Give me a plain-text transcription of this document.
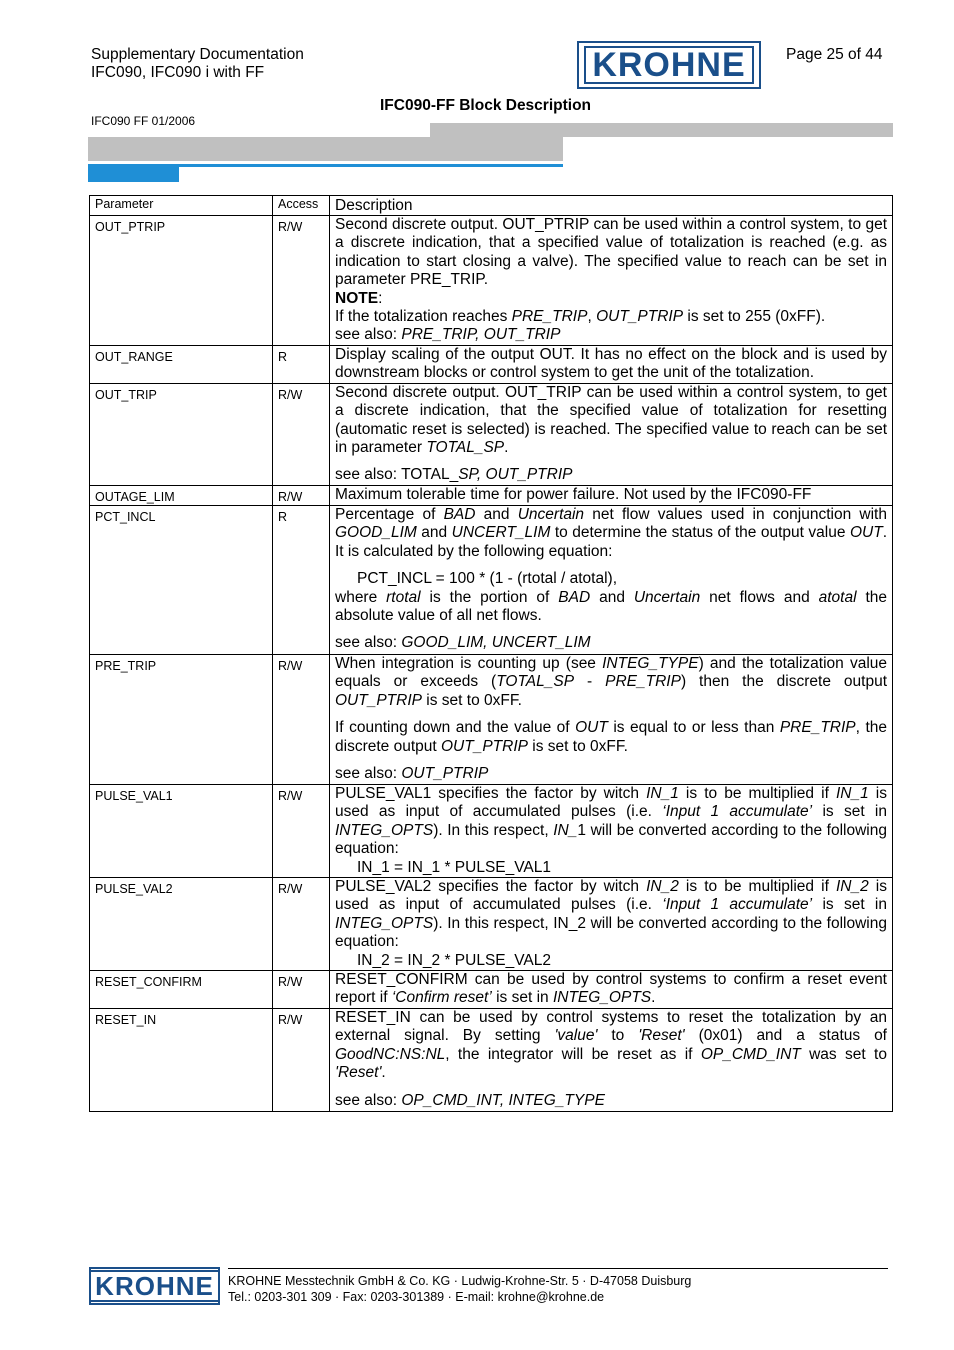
Supplementary Documentation
IFC090, IFC090 i with FF
IFC090 FF 01/2006
KROHNE	Page 25 of 44
IFC090-FF Block Description
Parameter	Access	Description
OUT_PTRIP	R/W	Second discrete output. OUT_PTRIP can be used within a control system, to get a discrete indication, that a specified value of totalization is reached (e.g. as indication to start closing a valve). The specified value to reach can be set in parameter PRE_TRIP.
NOTE:
If the totalization reaches PRE_TRIP, OUT_PTRIP is set to 255 (0xFF).
see also: PRE_TRIP, OUT_TRIP

OUT_RANGE	R	Display scaling of the output OUT. It has no effect on the block and is used by downstream blocks or control system to get the unit of the totalization.

OUT_TRIP	R/W	Second discrete output. OUT_TRIP can be used within a control system, to get a discrete indication, that the specified value of totalization for resetting (automatic reset is selected) is reached. The specified value to reach can be set in parameter TOTAL_SP.
see also: TOTAL_SP, OUT_PTRIP

OUTAGE_LIM	R/W	Maximum tolerable time for power failure. Not used by the IFC090-FF

PCT_INCL	R	Percentage of BAD and Uncertain net flow values used in conjunction with GOOD_LIM and UNCERT_LIM to determine the status of the output value OUT. It is calculated by the following equation:
PCT_INCL = 100 * (1 - (rtotal / atotal),
where rtotal is the portion of BAD and Uncertain net flows and atotal the absolute value of all net flows.
see also: GOOD_LIM, UNCERT_LIM

PRE_TRIP	R/W	When integration is counting up (see INTEG_TYPE) and the totalization value equals or exceeds (TOTAL_SP - PRE_TRIP) then the discrete output OUT_PTRIP is set to 0xFF.
If counting down and the value of OUT is equal to or less than PRE_TRIP, the discrete output OUT_PTRIP is set to 0xFF.
see also: OUT_PTRIP

PULSE_VAL1	R/W	PULSE_VAL1 specifies the factor by witch IN_1 is to be multiplied if IN_1 is used as input of accumulated pulses (i.e. ‘Input 1 accumulate’ is set in INTEG_OPTS). In this respect, IN_1 will be converted according to the following equation:
IN_1 = IN_1 * PULSE_VAL1

PULSE_VAL2	R/W	PULSE_VAL2 specifies the factor by witch IN_2 is to be multiplied if IN_2 is used as input of accumulated pulses (i.e. ‘Input 1 accumulate’ is set in INTEG_OPTS). In this respect, IN_2 will be converted according to the following equation:
IN_2 = IN_2 * PULSE_VAL2

RESET_CONFIRM	R/W	RESET_CONFIRM can be used by control systems to confirm a reset event report if ‘Confirm reset’ is set in INTEG_OPTS.

RESET_IN	R/W	RESET_IN can be used by control systems to reset the totalization by an external signal. By setting 'value' to 'Reset' (0x01) and a status of GoodNC:NS:NL, the integrator will be reset as if OP_CMD_INT was set to 'Reset'.
see also: OP_CMD_INT, INTEG_TYPE
KROHNE	KROHNE Messtechnik GmbH & Co. KG · Ludwig-Krohne-Str. 5 · D-47058 Duisburg
Tel.: 0203-301 309 · Fax: 0203-301389 · E-mail: krohne@krohne.de
